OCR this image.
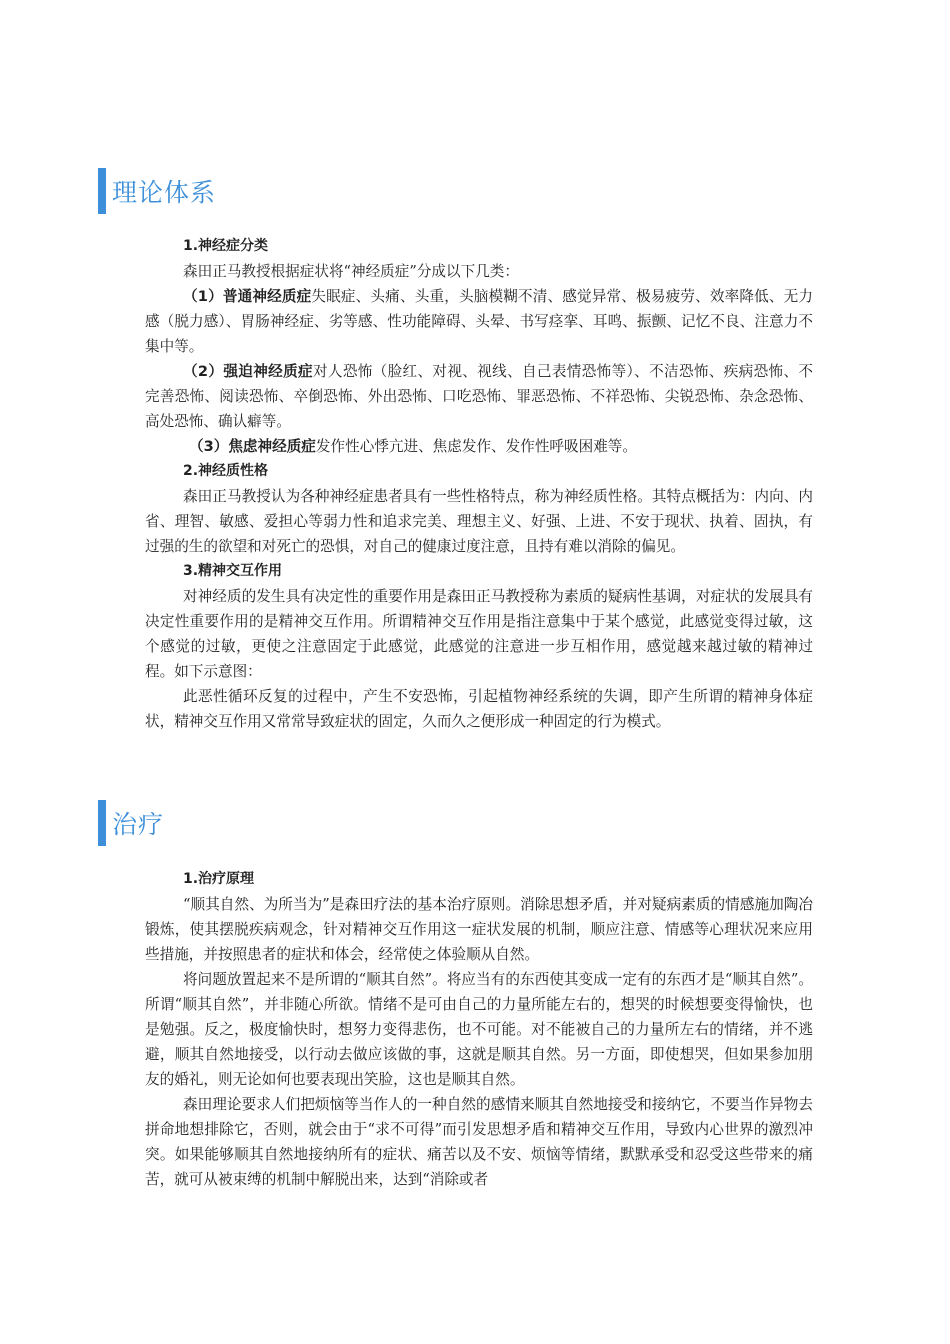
理论体系
1.神经症分类
森田正马教授根据症状将“神经质症”分成以下几类：
（1）普通神经质症失眠症、头痛、头重，头脑模糊不清、感觉异常、极易疲劳、效率降低、无力感（脱力感）、胃肠神经症、劣等感、性功能障碍、头晕、书写痉挛、耳鸣、振颤、记忆不良、注意力不集中等。
（2）强迫神经质症对人恐怖（脸红、对视、视线、自己表情恐怖等）、不洁恐怖、疾病恐怖、不完善恐怖、阅读恐怖、卒倒恐怖、外出恐怖、口吃恐怖、罪恶恐怖、不祥恐怖、尖锐恐怖、杂念恐怖、高处恐怖、确认癖等。
（3）焦虑神经质症发作性心悸亢进、焦虑发作、发作性呼吸困难等。
2.神经质性格
森田正马教授认为各种神经症患者具有一些性格特点，称为神经质性格。其特点概括为：内向、内省、理智、敏感、爱担心等弱力性和追求完美、理想主义、好强、上进、不安于现状、执着、固执，有过强的生的欲望和对死亡的恐惧，对自己的健康过度注意，且持有难以消除的偏见。
3.精神交互作用
对神经质的发生具有决定性的重要作用是森田正马教授称为素质的疑病性基调，对症状的发展具有决定性重要作用的是精神交互作用。所谓精神交互作用是指注意集中于某个感觉，此感觉变得过敏，这个感觉的过敏，更使之注意固定于此感觉，此感觉的注意进一步互相作用，感觉越来越过敏的精神过程。如下示意图：
此恶性循环反复的过程中，产生不安恐怖，引起植物神经系统的失调，即产生所谓的精神身体症状，精神交互作用又常常导致症状的固定，久而久之便形成一种固定的行为模式。
治疗
1.治疗原理
“顺其自然、为所当为”是森田疗法的基本治疗原则。消除思想矛盾，并对疑病素质的情感施加陶冶锻炼，使其摆脱疾病观念，针对精神交互作用这一症状发展的机制，顺应注意、情感等心理状况来应用些措施，并按照患者的症状和体会，经常使之体验顺从自然。
将问题放置起来不是所谓的“顺其自然”。将应当有的东西使其变成一定有的东西才是“顺其自然”。所谓“顺其自然”，并非随心所欲。情绪不是可由自己的力量所能左右的，想哭的时候想要变得愉快，也是勉强。反之，极度愉快时，想努力变得悲伤，也不可能。对不能被自己的力量所左右的情绪，并不逃避，顺其自然地接受，以行动去做应该做的事，这就是顺其自然。另一方面，即使想哭，但如果参加朋友的婚礼，则无论如何也要表现出笑脸，这也是顺其自然。
森田理论要求人们把烦恼等当作人的一种自然的感情来顺其自然地接受和接纳它，不要当作异物去拼命地想排除它，否则，就会由于“求不可得”而引发思想矛盾和精神交互作用，导致内心世界的激烈冲突。如果能够顺其自然地接纳所有的症状、痛苦以及不安、烦恼等情绪，默默承受和忍受这些带来的痛苦，就可从被束缚的机制中解脱出来，达到“消除或者
